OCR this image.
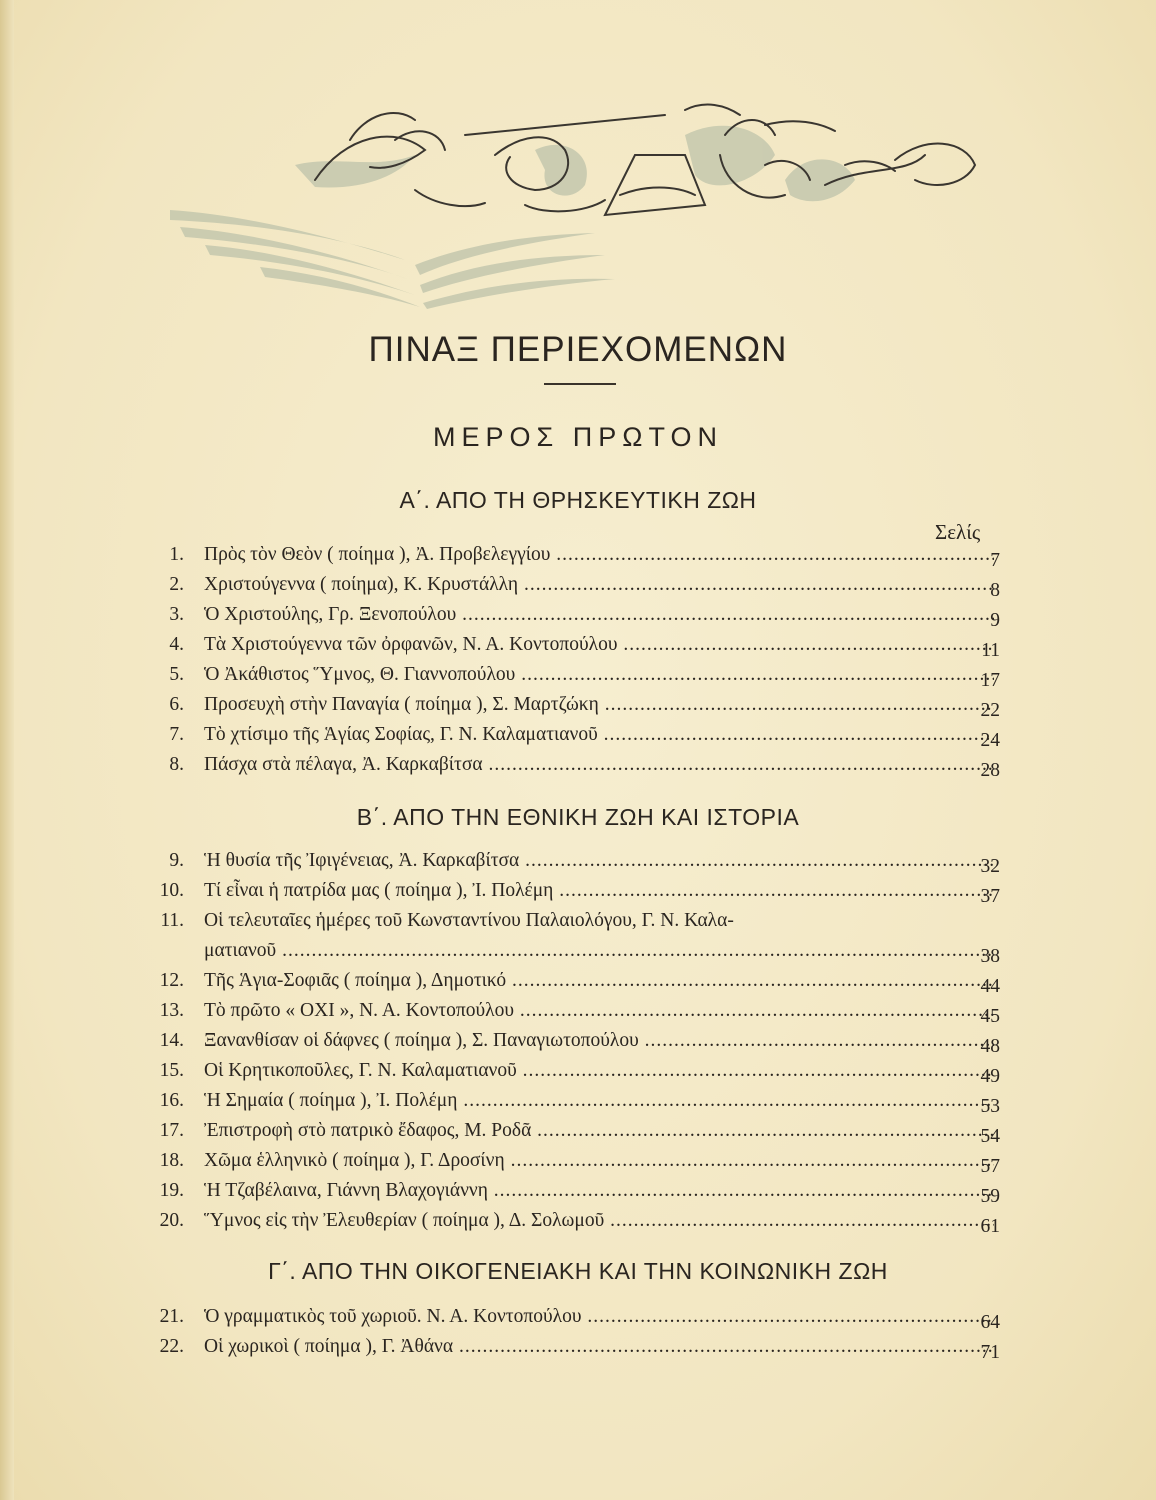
ΠΙΝΑΞ ΠΕΡΙΕΧΟΜΕΝΩΝ
ΜΕΡΟΣ ΠΡΩΤΟΝ
Α΄. ΑΠΟ ΤΗ ΘΡΗΣΚΕΥΤΙΚΗ ΖΩΗ
Σελίς
1. Πρὸς τὸν Θεὸν ( ποίημα ), Ἀ. Προβελεγγίου .....	7
2. Χριστούγεννα ( ποίημα), Κ. Κρυστάλλη .....	8
3. Ὁ Χριστούλης, Γρ. Ξενοπούλου .....	9
4. Τὰ Χριστούγεννα τῶν ὀρφανῶν, Ν. Α. Κοντοπούλου .....	11
5. Ὁ Ἀκάθιστος Ὕμνος, Θ. Γιαννοπούλου .....	17
6. Προσευχὴ στὴν Παναγία ( ποίημα ), Σ. Μαρτζώκη .....	22
7. Τὸ χτίσιμο τῆς Ἁγίας Σοφίας, Γ. Ν. Καλαματιανοῦ .....	24
8. Πάσχα στὰ πέλαγα, Ἀ. Καρκαβίτσα .....	28
Β΄. ΑΠΟ ΤΗΝ ΕΘΝΙΚΗ ΖΩΗ ΚΑΙ ΙΣΤΟΡΙΑ
9. Ἡ θυσία τῆς Ἰφιγένειας, Ἀ. Καρκαβίτσα .....	32
10. Τί εἶναι ἡ πατρίδα μας ( ποίημα ), Ἰ. Πολέμη .....	37
11. Οἱ τελευταῖες ἡμέρες τοῦ Κωνσταντίνου Παλαιολόγου, Γ. Ν. Καλα-
ματιανοῦ .....	38
12. Τῆς Ἁγια-Σοφιᾶς ( ποίημα ), Δημοτικό .....	44
13. Τὸ πρῶτο « ΟΧΙ », Ν. Α. Κοντοπούλου .....	45
14. Ξανανθίσαν οἱ δάφνες ( ποίημα ), Σ. Παναγιωτοπούλου .....	48
15. Οἱ Κρητικοποῦλες, Γ. Ν. Καλαματιανοῦ .....	49
16. Ἡ Σημαία ( ποίημα ), Ἰ. Πολέμη .....	53
17. Ἐπιστροφὴ στὸ πατρικὸ ἔδαφος, Μ. Ροδᾶ .....	54
18. Χῶμα ἑλληνικὸ ( ποίημα ), Γ. Δροσίνη .....	57
19. Ἡ Τζαβέλαινα, Γιάννη Βλαχογιάννη .....	59
20. Ὕμνος εἰς τὴν Ἐλευθερίαν ( ποίημα ), Δ. Σολωμοῦ .....	61
Γ΄. ΑΠΟ ΤΗΝ ΟΙΚΟΓΕΝΕΙΑΚΗ ΚΑΙ ΤΗΝ ΚΟΙΝΩΝΙΚΗ ΖΩΗ
21. Ὁ γραμματικὸς τοῦ χωριοῦ. Ν. Α. Κοντοπούλου .....	64
22. Οἱ χωρικοὶ ( ποίημα ), Γ. Ἀθάνα .....	71
